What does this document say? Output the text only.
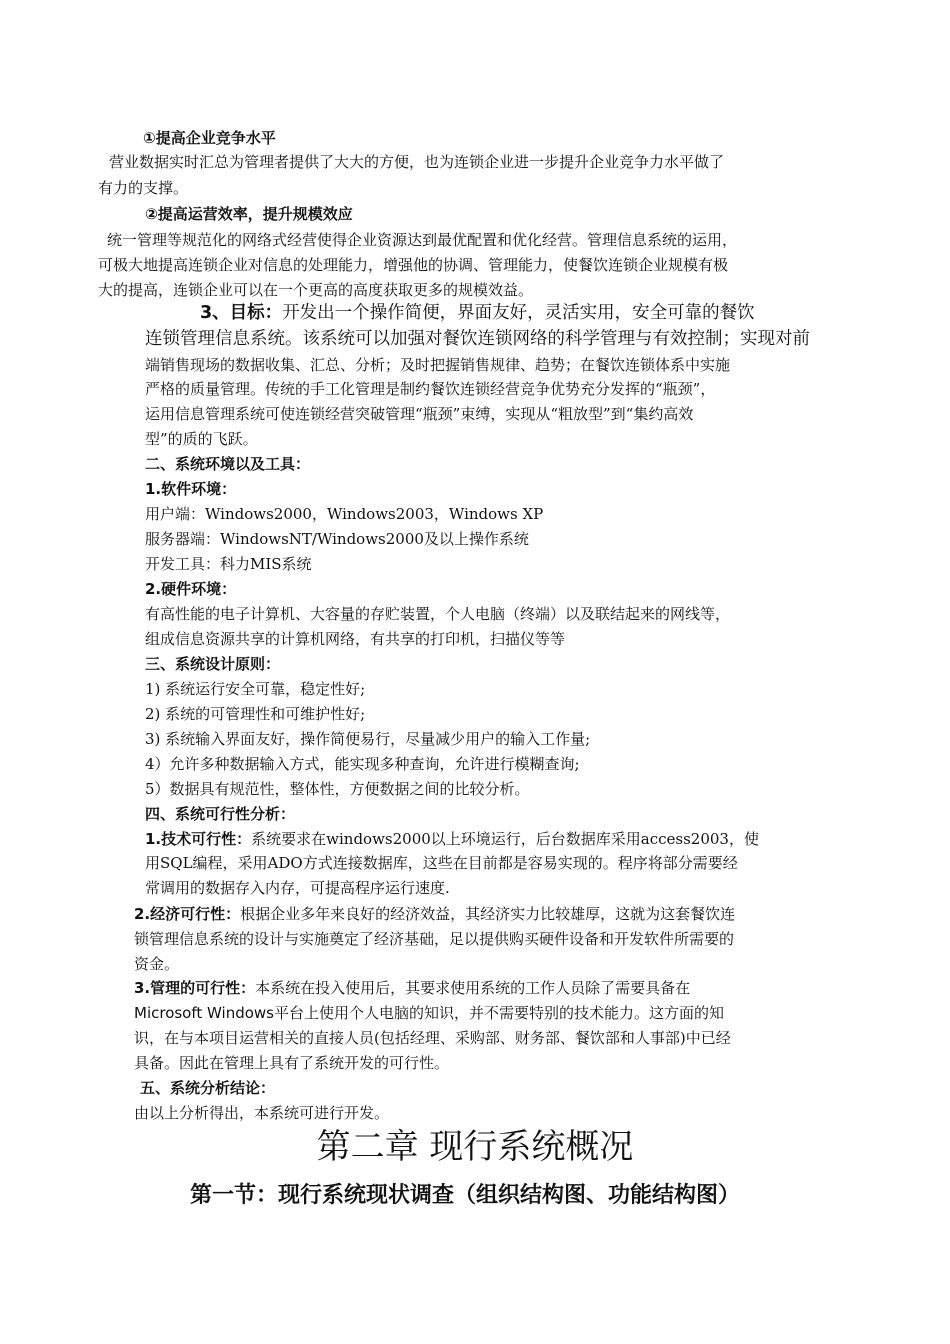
①提高企业竞争水平
营业数据实时汇总为管理者提供了大大的方便，也为连锁企业进一步提升企业竞争力水平做了
有力的支撑。
②提高运营效率，提升规模效应
统一管理等规范化的网络式经营使得企业资源达到最优配置和优化经营。管理信息系统的运用，
可极大地提高连锁企业对信息的处理能力，增强他的协调、管理能力，使餐饮连锁企业规模有极
大的提高，连锁企业可以在一个更高的高度获取更多的规模效益。
3、目标：开发出一个操作简便，界面友好，灵活实用，安全可靠的餐饮
连锁管理信息系统。该系统可以加强对餐饮连锁网络的科学管理与有效控制；实现对前
端销售现场的数据收集、汇总、分析；及时把握销售规律、趋势；在餐饮连锁体系中实施
严格的质量管理。传统的手工化管理是制约餐饮连锁经营竞争优势充分发挥的“瓶颈”，
运用信息管理系统可使连锁经营突破管理“瓶颈”束缚，实现从“粗放型”到“集约高效
型”的质的飞跃。
二、系统环境以及工具：
1.软件环境：
用户端：Windows2000，Windows2003，Windows XP
服务器端：WindowsNT/Windows2000及以上操作系统
开发工具：科力MIS系统
2.硬件环境：
有高性能的电子计算机、大容量的存贮装置，个人电脑（终端）以及联结起来的网线等，
组成信息资源共享的计算机网络，有共享的打印机，扫描仪等等
三、系统设计原则：
1) 系统运行安全可靠，稳定性好;
2) 系统的可管理性和可维护性好;
3) 系统输入界面友好，操作简便易行，尽量减少用户的输入工作量;
4）允许多种数据输入方式，能实现多种查询，允许进行模糊查询;
5）数据具有规范性，整体性，方便数据之间的比较分析。
四、系统可行性分析：
1.技术可行性：系统要求在windows2000以上环境运行，后台数据库采用access2003，使
用SQL编程，采用ADO方式连接数据库，这些在目前都是容易实现的。程序将部分需要经
常调用的数据存入内存，可提高程序运行速度.
2.经济可行性：根据企业多年来良好的经济效益，其经济实力比较雄厚，这就为这套餐饮连
锁管理信息系统的设计与实施奠定了经济基础，足以提供购买硬件设备和开发软件所需要的
资金。
3.管理的可行性：本系统在投入使用后，其要求使用系统的工作人员除了需要具备在
Microsoft Windows平台上使用个人电脑的知识，并不需要特别的技术能力。这方面的知
识，在与本项目运营相关的直接人员(包括经理、采购部、财务部、餐饮部和人事部)中已经
具备。因此在管理上具有了系统开发的可行性。
五、系统分析结论：
由以上分析得出，本系统可进行开发。
第二章 现行系统概况
第一节：现行系统现状调查（组织结构图、功能结构图）
